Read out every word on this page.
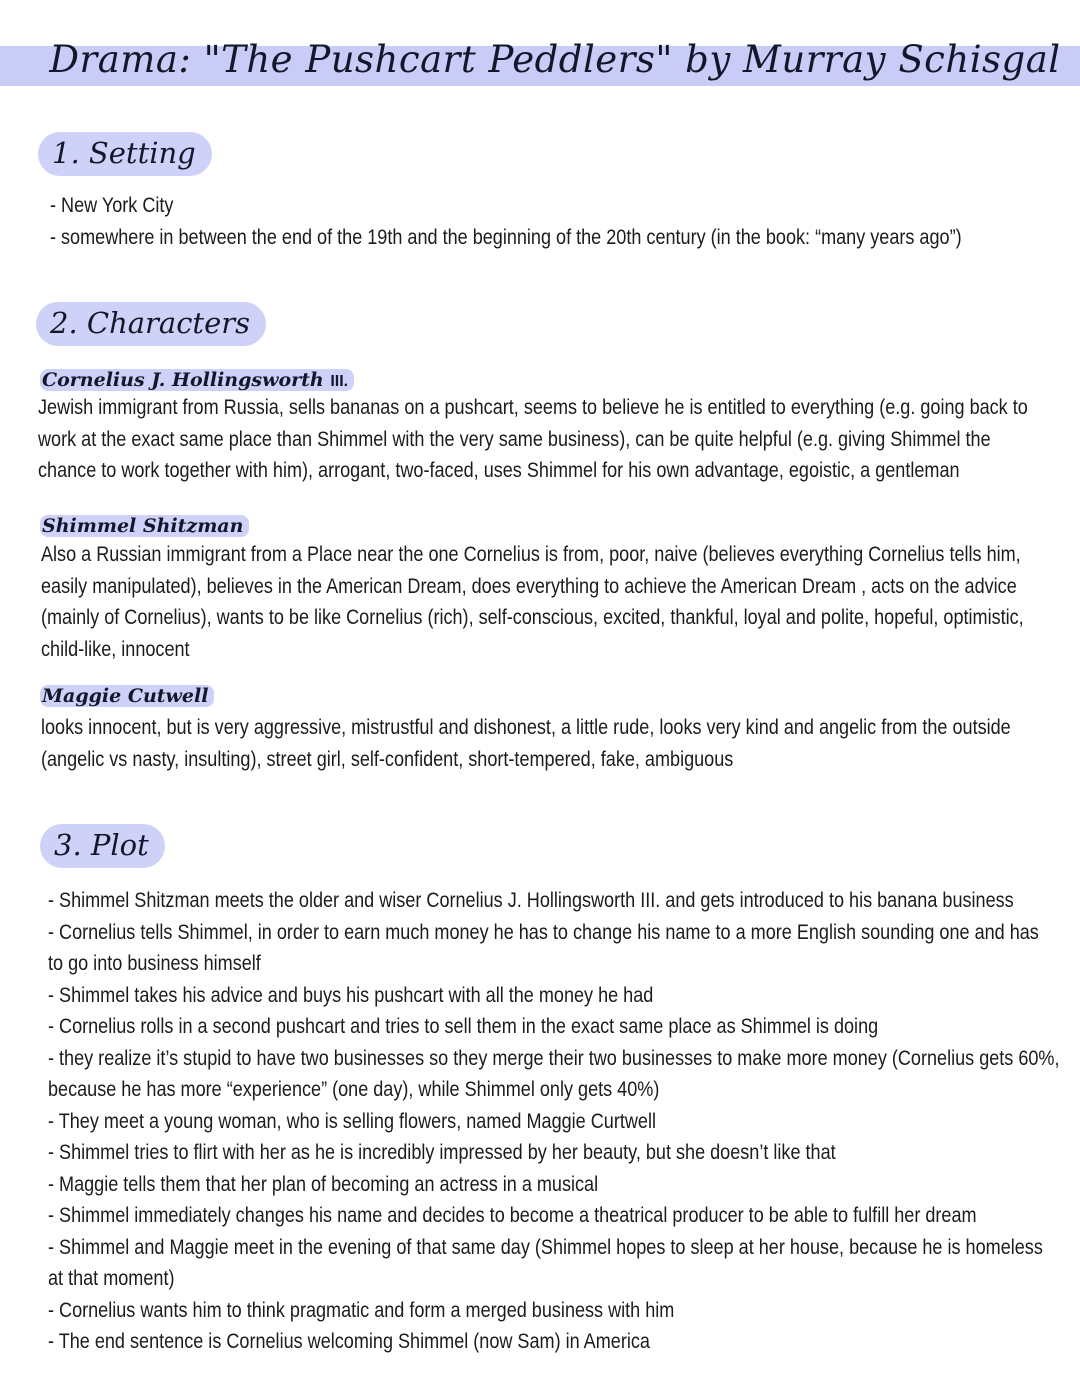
Drama: "The Pushcart Peddlers" by Murray Schisgal
1. Setting
- New York City
- somewhere in between the end of the 19th and the beginning of the 20th century (in the book: “many years ago”)
2. Characters
Cornelius J. Hollingsworth III.
Jewish immigrant from Russia, sells bananas on a pushcart, seems to believe he is entitled to everything (e.g. going back to
work at the exact same place than Shimmel with the very same business), can be quite helpful (e.g. giving Shimmel the
chance to work together with him), arrogant, two-faced, uses Shimmel for his own advantage, egoistic, a gentleman
Shimmel Shitzman
Also a Russian immigrant from a Place near the one Cornelius is from, poor, naive (believes everything Cornelius tells him,
easily manipulated), believes in the American Dream, does everything to achieve the American Dream , acts on the advice
(mainly of Cornelius), wants to be like Cornelius (rich), self-conscious, excited, thankful, loyal and polite, hopeful, optimistic,
child-like, innocent
Maggie Cutwell
looks innocent, but is very aggressive, mistrustful and dishonest, a little rude, looks very kind and angelic from the outside
(angelic vs nasty, insulting), street girl, self-confident, short-tempered, fake, ambiguous
3. Plot
- Shimmel Shitzman meets the older and wiser Cornelius J. Hollingsworth III. and gets introduced to his banana business
- Cornelius tells Shimmel, in order to earn much money he has to change his name to a more English sounding one and has
to go into business himself
- Shimmel takes his advice and buys his pushcart with all the money he had
- Cornelius rolls in a second pushcart and tries to sell them in the exact same place as Shimmel is doing
- they realize it’s stupid to have two businesses so they merge their two businesses to make more money (Cornelius gets 60%,
because he has more “experience” (one day), while Shimmel only gets 40%)
- They meet a young woman, who is selling flowers, named Maggie Curtwell
- Shimmel tries to flirt with her as he is incredibly impressed by her beauty, but she doesn’t like that
- Maggie tells them that her plan of becoming an actress in a musical
- Shimmel immediately changes his name and decides to become a theatrical producer to be able to fulfill her dream
- Shimmel and Maggie meet in the evening of that same day (Shimmel hopes to sleep at her house, because he is homeless
at that moment)
- Cornelius wants him to think pragmatic and form a merged business with him
- The end sentence is Cornelius welcoming Shimmel (now Sam) in America
